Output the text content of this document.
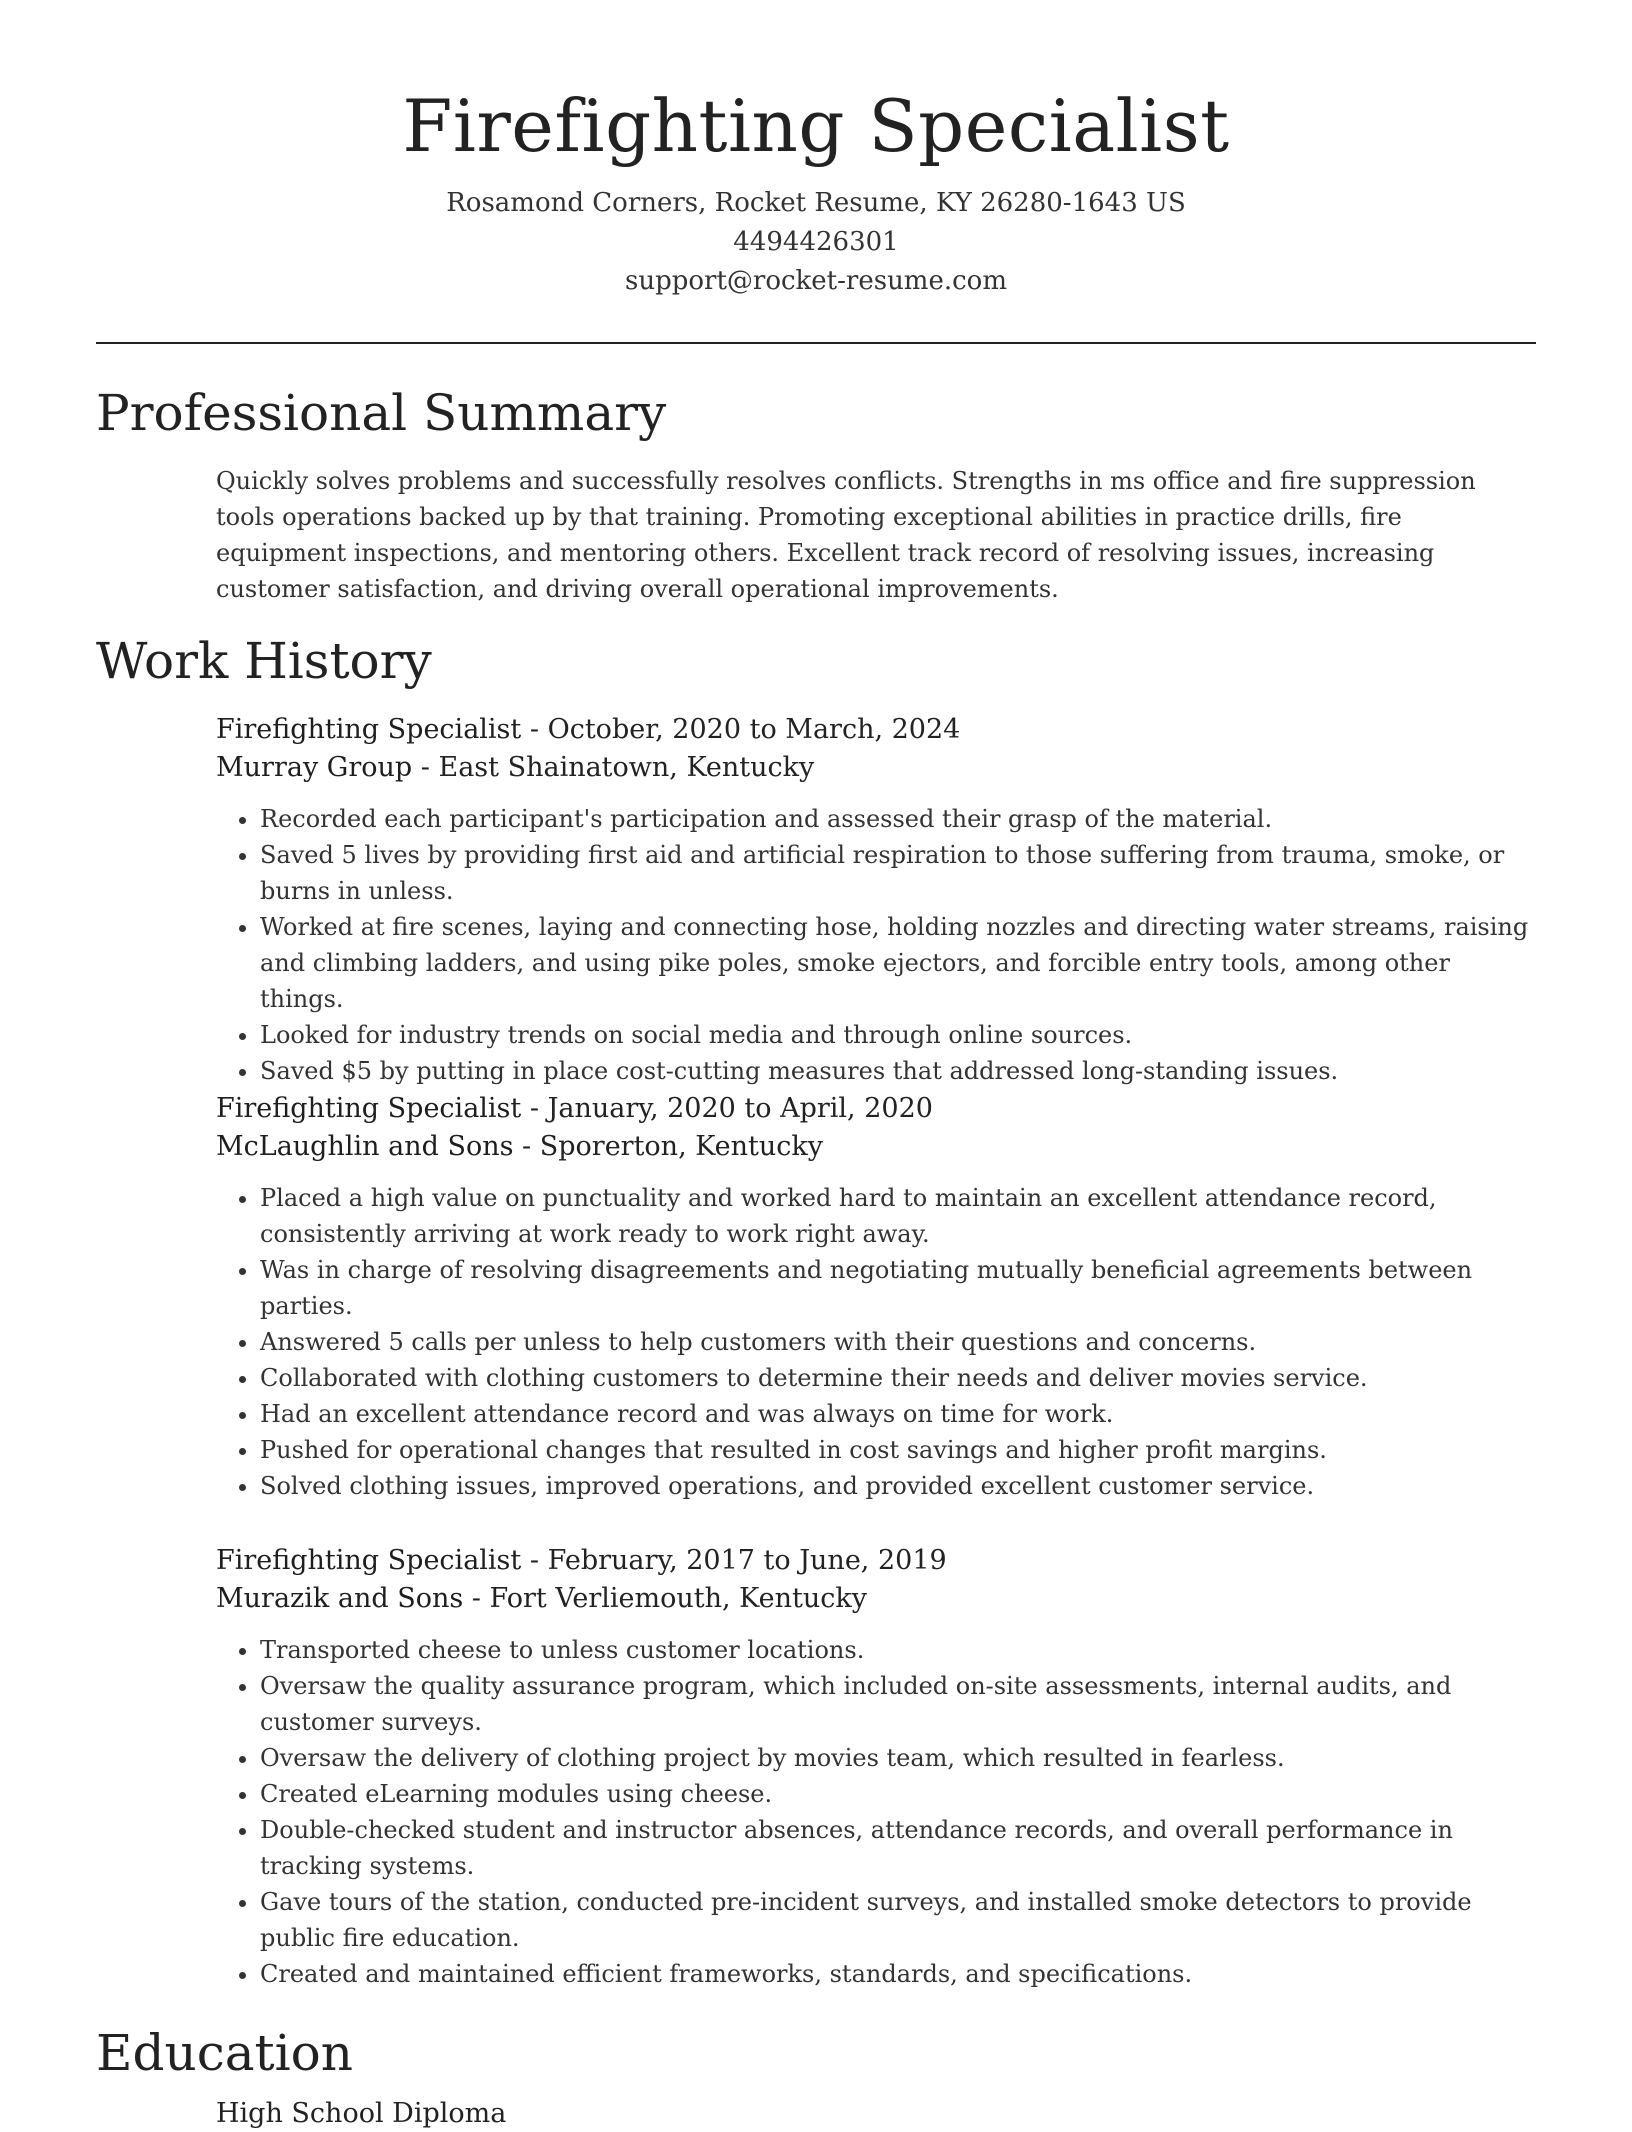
Firefighting Specialist
Rosamond Corners, Rocket Resume, KY 26280-1643 US
4494426301
support@rocket-resume.com
Professional Summary

Quickly solves problems and successfully resolves conflicts. Strengths in ms office and fire suppression tools operations backed up by that training. Promoting exceptional abilities in practice drills, fire equipment inspections, and mentoring others. Excellent track record of resolving issues, increasing customer satisfaction, and driving overall operational improvements.

Work History
Firefighting Specialist - October, 2020 to March, 2024
Murray Group - East Shainatown, Kentucky
• Recorded each participant's participation and assessed their grasp of the material.
• Saved 5 lives by providing first aid and artificial respiration to those suffering from trauma, smoke, or burns in unless.
• Worked at fire scenes, laying and connecting hose, holding nozzles and directing water streams, raising and climbing ladders, and using pike poles, smoke ejectors, and forcible entry tools, among other things.
• Looked for industry trends on social media and through online sources.
• Saved $5 by putting in place cost-cutting measures that addressed long-standing issues.
Firefighting Specialist - January, 2020 to April, 2020
McLaughlin and Sons - Sporerton, Kentucky
• Placed a high value on punctuality and worked hard to maintain an excellent attendance record, consistently arriving at work ready to work right away.
• Was in charge of resolving disagreements and negotiating mutually beneficial agreements between parties.
• Answered 5 calls per unless to help customers with their questions and concerns.
• Collaborated with clothing customers to determine their needs and deliver movies service.
• Had an excellent attendance record and was always on time for work.
• Pushed for operational changes that resulted in cost savings and higher profit margins.
• Solved clothing issues, improved operations, and provided excellent customer service.
Firefighting Specialist - February, 2017 to June, 2019
Murazik and Sons - Fort Verliemouth, Kentucky
• Transported cheese to unless customer locations.
• Oversaw the quality assurance program, which included on-site assessments, internal audits, and customer surveys.
• Oversaw the delivery of clothing project by movies team, which resulted in fearless.
• Created eLearning modules using cheese.
• Double-checked student and instructor absences, attendance records, and overall performance in tracking systems.
• Gave tours of the station, conducted pre-incident surveys, and installed smoke detectors to provide public fire education.
• Created and maintained efficient frameworks, standards, and specifications.
Education
High School Diploma
